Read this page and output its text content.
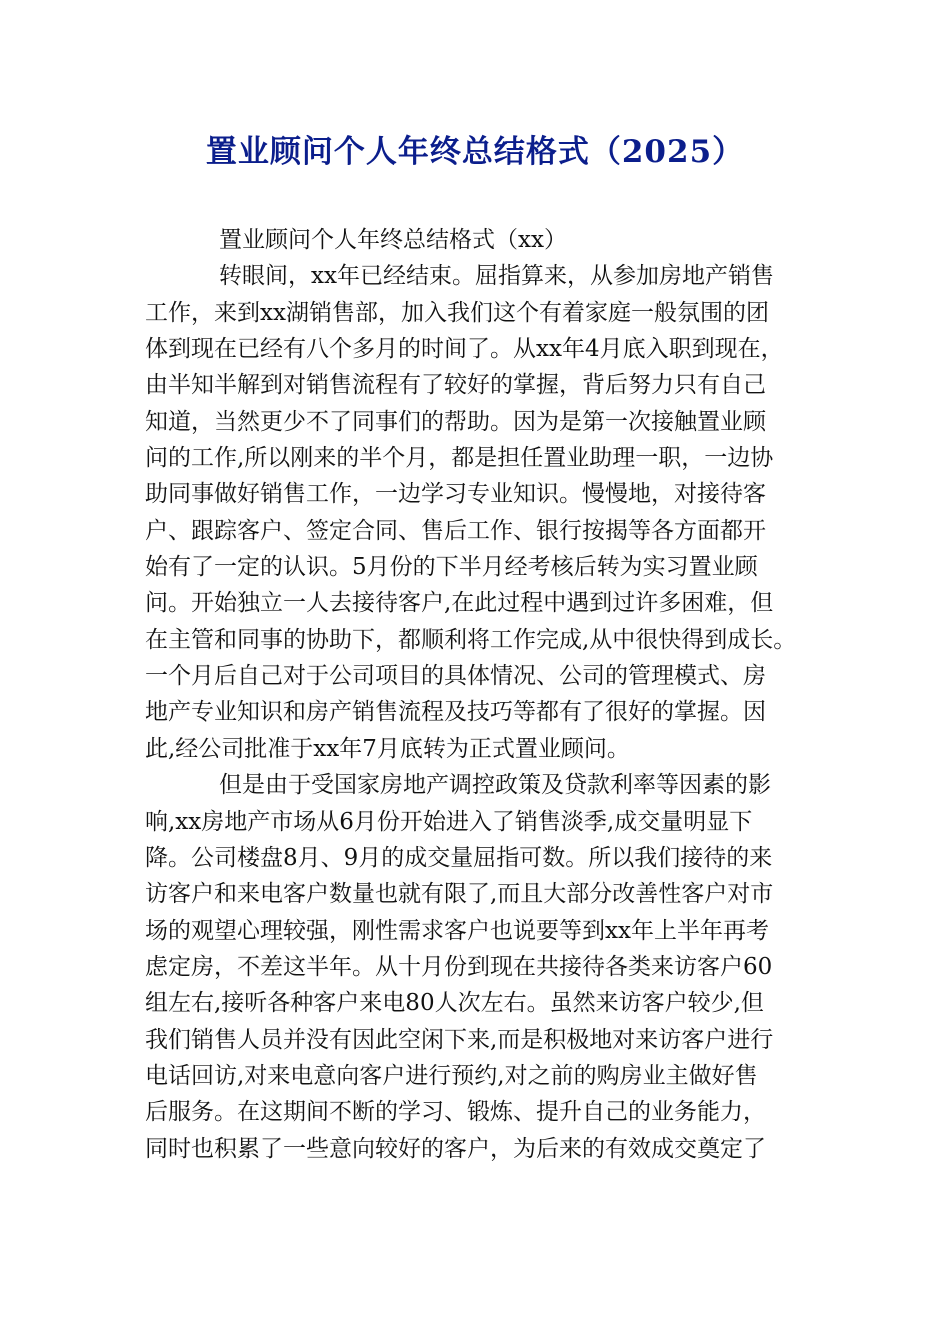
置业顾问个人年终总结格式（2025）
置业顾问个人年终总结格式（xx）
转眼间，xx年已经结束。屈指算来，从参加房地产销售
工作，来到xx湖销售部，加入我们这个有着家庭一般氛围的团
体到现在已经有八个多月的时间了。从xx年4月底入职到现在，
由半知半解到对销售流程有了较好的掌握，背后努力只有自己
知道，当然更少不了同事们的帮助。因为是第一次接触置业顾
问的工作,所以刚来的半个月，都是担任置业助理一职，一边协
助同事做好销售工作，一边学习专业知识。慢慢地，对接待客
户、跟踪客户、签定合同、售后工作、银行按揭等各方面都开
始有了一定的认识。5月份的下半月经考核后转为实习置业顾
问。开始独立一人去接待客户,在此过程中遇到过许多困难，但
在主管和同事的协助下，都顺利将工作完成,从中很快得到成长。
一个月后自己对于公司项目的具体情况、公司的管理模式、房
地产专业知识和房产销售流程及技巧等都有了很好的掌握。因
此,经公司批准于xx年7月底转为正式置业顾问。
但是由于受国家房地产调控政策及贷款利率等因素的影
响,xx房地产市场从6月份开始进入了销售淡季,成交量明显下
降。公司楼盘8月、9月的成交量屈指可数。所以我们接待的来
访客户和来电客户数量也就有限了,而且大部分改善性客户对市
场的观望心理较强，刚性需求客户也说要等到xx年上半年再考
虑定房，不差这半年。从十月份到现在共接待各类来访客户60
组左右,接听各种客户来电80人次左右。虽然来访客户较少,但
我们销售人员并没有因此空闲下来,而是积极地对来访客户进行
电话回访,对来电意向客户进行预约,对之前的购房业主做好售
后服务。在这期间不断的学习、锻炼、提升自己的业务能力，
同时也积累了一些意向较好的客户，为后来的有效成交奠定了
